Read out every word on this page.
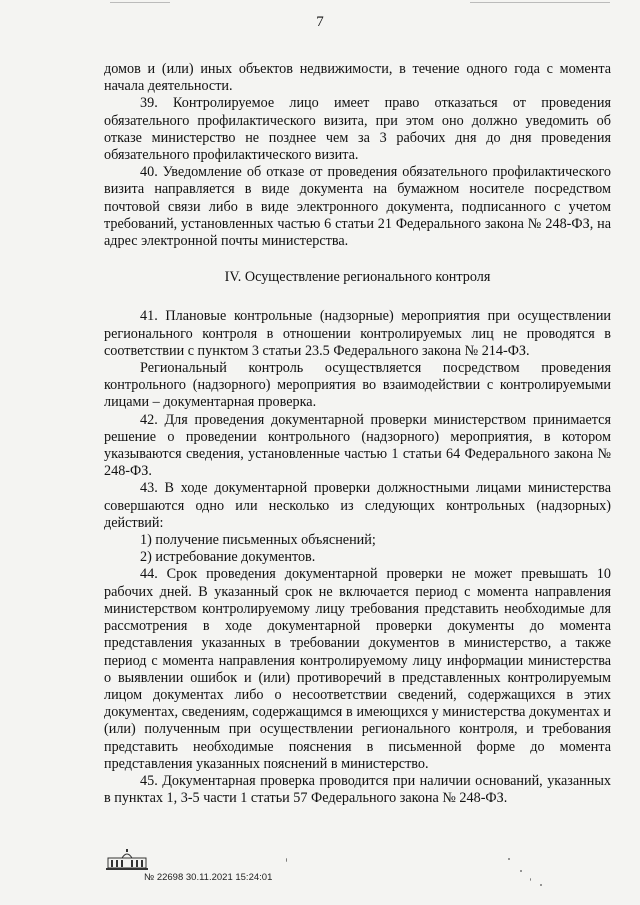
7

домов и (или) иных объектов недвижимости, в течение одного года с момента начала деятельности.

39. Контролируемое лицо имеет право отказаться от проведения обязательного профилактического визита, при этом оно должно уведомить об отказе министерство не позднее чем за 3 рабочих дня до дня проведения обязательного профилактического визита.

40. Уведомление об отказе от проведения обязательного профилактического визита направляется в виде документа на бумажном носителе посредством почтовой связи либо в виде электронного документа, подписанного с учетом требований, установленных частью 6 статьи 21 Федерального закона № 248-ФЗ, на адрес электронной почты министерства.

IV. Осуществление регионального контроля

41. Плановые контрольные (надзорные) мероприятия при осуществлении регионального контроля в отношении контролируемых лиц не проводятся в соответствии с пунктом 3 статьи 23.5 Федерального закона № 214-ФЗ.

Региональный контроль осуществляется посредством проведения контрольного (надзорного) мероприятия во взаимодействии с контролируемыми лицами – документарная проверка.

42. Для проведения документарной проверки министерством принимается решение о проведении контрольного (надзорного) мероприятия, в котором указываются сведения, установленные частью 1 статьи 64 Федерального закона № 248-ФЗ.

43. В ходе документарной проверки должностными лицами министерства совершаются одно или несколько из следующих контрольных (надзорных) действий:

1) получение письменных объяснений;

2) истребование документов.

44. Срок проведения документарной проверки не может превышать 10 рабочих дней. В указанный срок не включается период с момента направления министерством контролируемому лицу требования представить необходимые для рассмотрения в ходе документарной проверки документы до момента представления указанных в требовании документов в министерство, а также период с момента направления контролируемому лицу информации министерства о выявлении ошибок и (или) противоречий в представленных контролируемым лицом документах либо о несоответствии сведений, содержащихся в этих документах, сведениям, содержащимся в имеющихся у министерства документах и (или) полученным при осуществлении регионального контроля, и требования представить необходимые пояснения в письменной форме до момента представления указанных пояснений в министерство.

45. Документарная проверка проводится при наличии оснований, указанных в пунктах 1, 3-5 части 1 статьи 57 Федерального закона № 248-ФЗ.

№ 22698 30.11.2021 15:24:01
